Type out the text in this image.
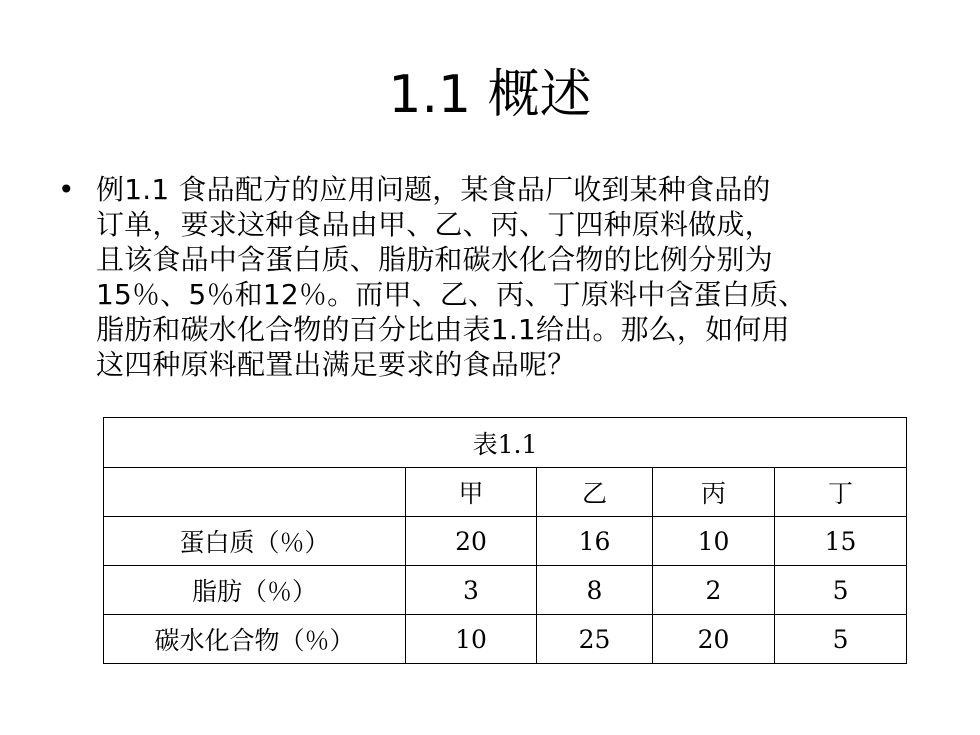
1.1 概述
• 例1.1 食品配方的应用问题，某食品厂收到某种食品的
订单，要求这种食品由甲、乙、丙、丁四种原料做成，
且该食品中含蛋白质、脂肪和碳水化合物的比例分别为
15％、5％和12％。而甲、乙、丙、丁原料中含蛋白质、
脂肪和碳水化合物的百分比由表1.1给出。那么，如何用
这四种原料配置出满足要求的食品呢？
表1.1				
	甲	乙	丙	丁
蛋白质（％）	20	16	10	15
脂肪（％）	3	8	2	5
碳水化合物（％）	10	25	20	5
